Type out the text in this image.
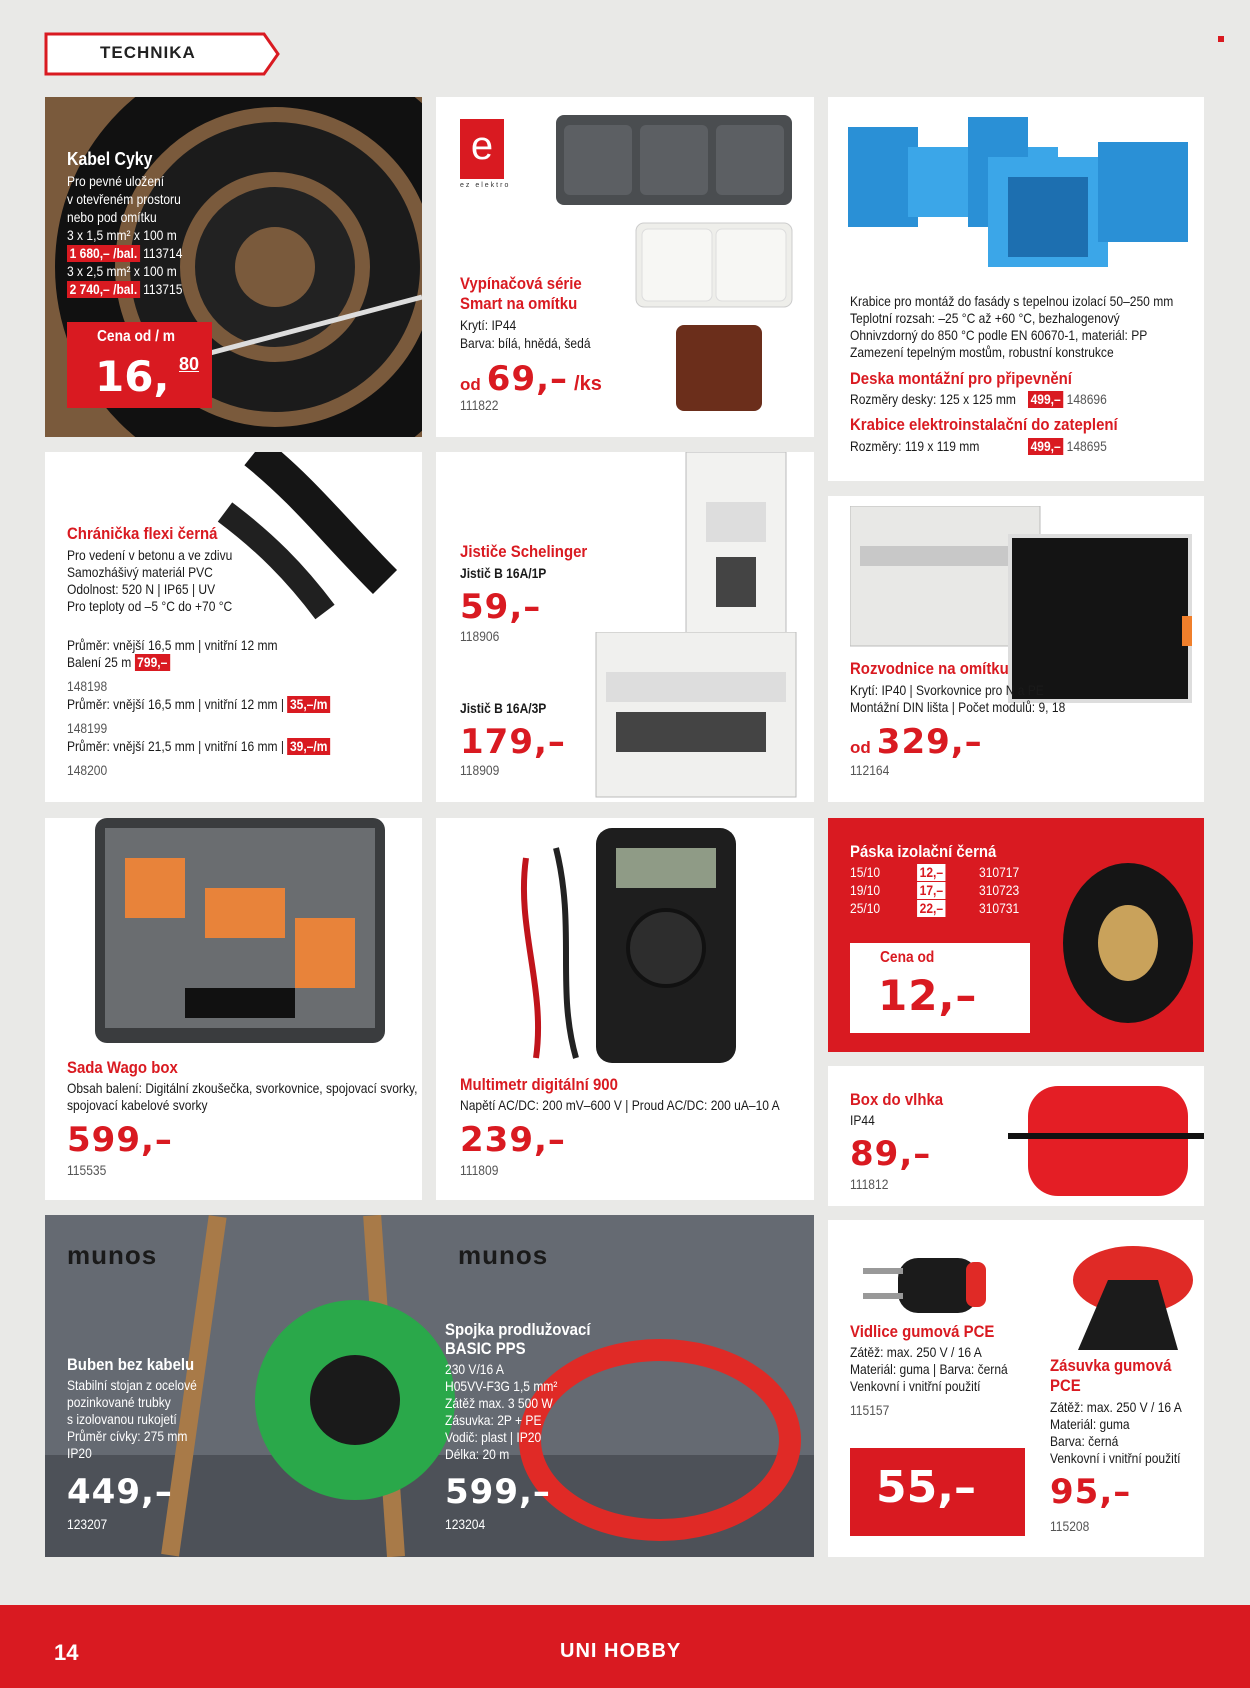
TECHNIKA
Kabel Cyky
Pro pevné uložení
v otevřeném prostoru
nebo pod omítku
3 x 1,5 mm² x 100 m
1 680,– /bal. 113714
3 x 2,5 mm² x 100 m
2 740,– /bal. 113715
Cena od / m
16, 80
e
ez elektro
Vypínačová série
Smart na omítku
Krytí: IP44
Barva: bílá, hnědá, šedá
od 69,– /ks
111822
Krabice pro montáž do fasády s tepelnou izolací 50–250 mm
Teplotní rozsah: –25 °C až +60 °C, bezhalogenový
Ohnivzdorný do 850 °C podle EN 60670-1, materiál: PP
Zamezení tepelným mostům, robustní konstrukce
Deska montážní pro připevnění
Rozměry desky: 125 x 125 mm 499,– 148696
Krabice elektroinstalační do zateplení
Rozměry: 119 x 119 mm	499,– 148695
Chránička flexi černá
Pro vedení v betonu a ve zdivu
Samozhášivý materiál PVC
Odolnost: 520 N | IP65 | UV
Pro teploty od –5 °C do +70 °C
Průměr: vnější 16,5 mm | vnitřní 12 mm
Balení 25 m 799,–
148198
Průměr: vnější 16,5 mm | vnitřní 12 mm | 35,–/m
148199
Průměr: vnější 21,5 mm | vnitřní 16 mm | 39,–/m
148200
Jističe Schelinger
Jistič B 16A/1P
59,–
118906
Jistič B 16A/3P
179,–
118909
Rozvodnice na omítku
Krytí: IP40 | Svorkovnice pro N a PE
Montážní DIN lišta | Počet modulů: 9, 18
od 329,–
112164
Sada Wago box
Obsah balení: Digitální zkoušečka, svorkovnice, spojovací svorky,
spojovací kabelové svorky
599,–
115535
Multimetr digitální 900
Napětí AC/DC: 200 mV–600 V | Proud AC/DC: 200 uA–10 A
239,–
111809
Páska izolační černá
15/10	12,–	310717
19/10	17,–	310723
25/10	22,–	310731
Cena od
12,–
Box do vlhka
IP44
89,–
111812
munos
Buben bez kabelu
Stabilní stojan z ocelové
pozinkované trubky
s izolovanou rukojetí
Průměr cívky: 275 mm
IP20
449,–
123207
munos
Spojka prodlužovací
BASIC PPS
230 V/16 A
H05VV-F3G 1,5 mm²
Zátěž max. 3 500 W
Zásuvka: 2P + PE
Vodič: plast | IP20
Délka: 20 m
599,–
123204
Vidlice gumová PCE
Zátěž: max. 250 V / 16 A
Materiál: guma | Barva: černá
Venkovní i vnitřní použití
115157
55,–
Zásuvka gumová
PCE
Zátěž: max. 250 V / 16 A
Materiál: guma
Barva: černá
Venkovní i vnitřní použití
95,–
115208
14	UNI HOBBY
